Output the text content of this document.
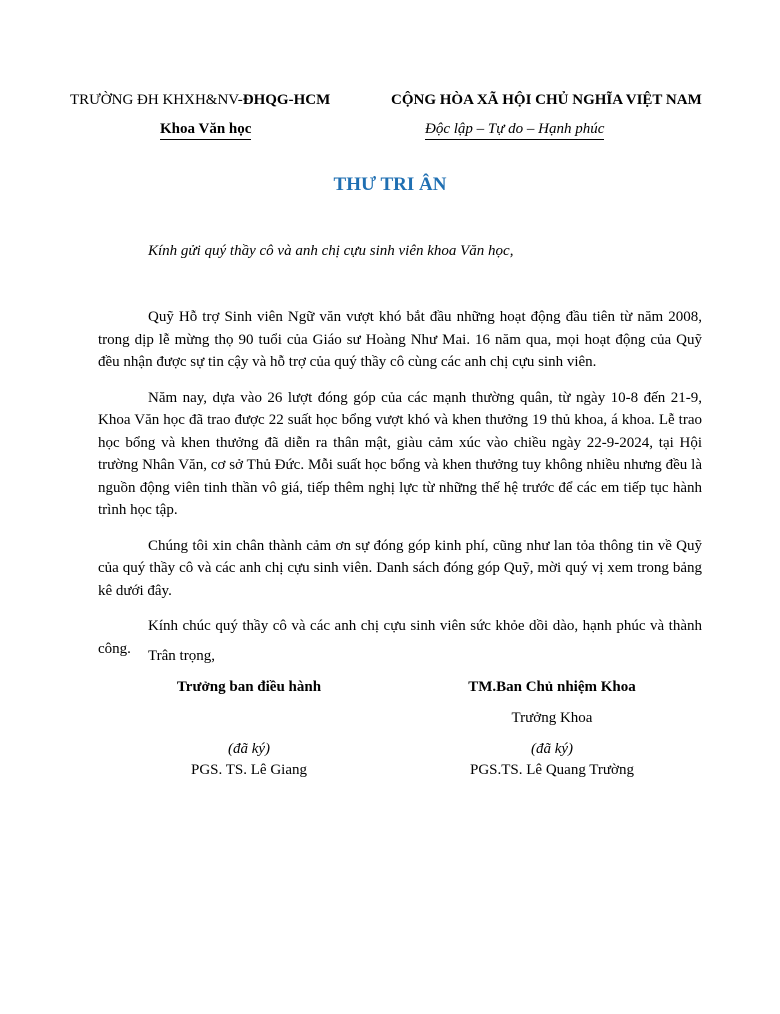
TRƯỜNG ĐH KHXH&NV-ĐHQG-HCM
Khoa Văn học
CỘNG HÒA XÃ HỘI CHỦ NGHĨA VIỆT NAM
Độc lập – Tự do – Hạnh phúc
THƯ TRI ÂN
Kính gửi quý thầy cô và anh chị cựu sinh viên khoa Văn học,

Quỹ Hỗ trợ Sinh viên Ngữ văn vượt khó bắt đầu những hoạt động đầu tiên từ năm 2008, trong dịp lễ mừng thọ 90 tuổi của Giáo sư Hoàng Như Mai. 16 năm qua, mọi hoạt động của Quỹ đều nhận được sự tin cậy và hỗ trợ của quý thầy cô cùng các anh chị cựu sinh viên.

Năm nay, dựa vào 26 lượt đóng góp của các mạnh thường quân, từ ngày 10-8 đến 21-9, Khoa Văn học đã trao được 22 suất học bổng vượt khó và khen thưởng 19 thủ khoa, á khoa. Lễ trao học bổng và khen thưởng đã diễn ra thân mật, giàu cảm xúc vào chiều ngày 22-9-2024, tại Hội trường Nhân Văn, cơ sở Thủ Đức. Mỗi suất học bổng và khen thưởng tuy không nhiều nhưng đều là nguồn động viên tinh thần vô giá, tiếp thêm nghị lực từ những thế hệ trước để các em tiếp tục hành trình học tập.

Chúng tôi xin chân thành cảm ơn sự đóng góp kinh phí, cũng như lan tỏa thông tin về Quỹ của quý thầy cô và các anh chị cựu sinh viên. Danh sách đóng góp Quỹ, mời quý vị xem trong bảng kê dưới đây.

Kính chúc quý thầy cô và các anh chị cựu sinh viên sức khỏe dồi dào, hạnh phúc và thành công.	Trân trọng,
Trưởng ban điều hành
(đã ký)
PGS. TS. Lê Giang
TM.Ban Chủ nhiệm Khoa
Trưởng Khoa
(đã ký)
PGS.TS. Lê Quang Trường
